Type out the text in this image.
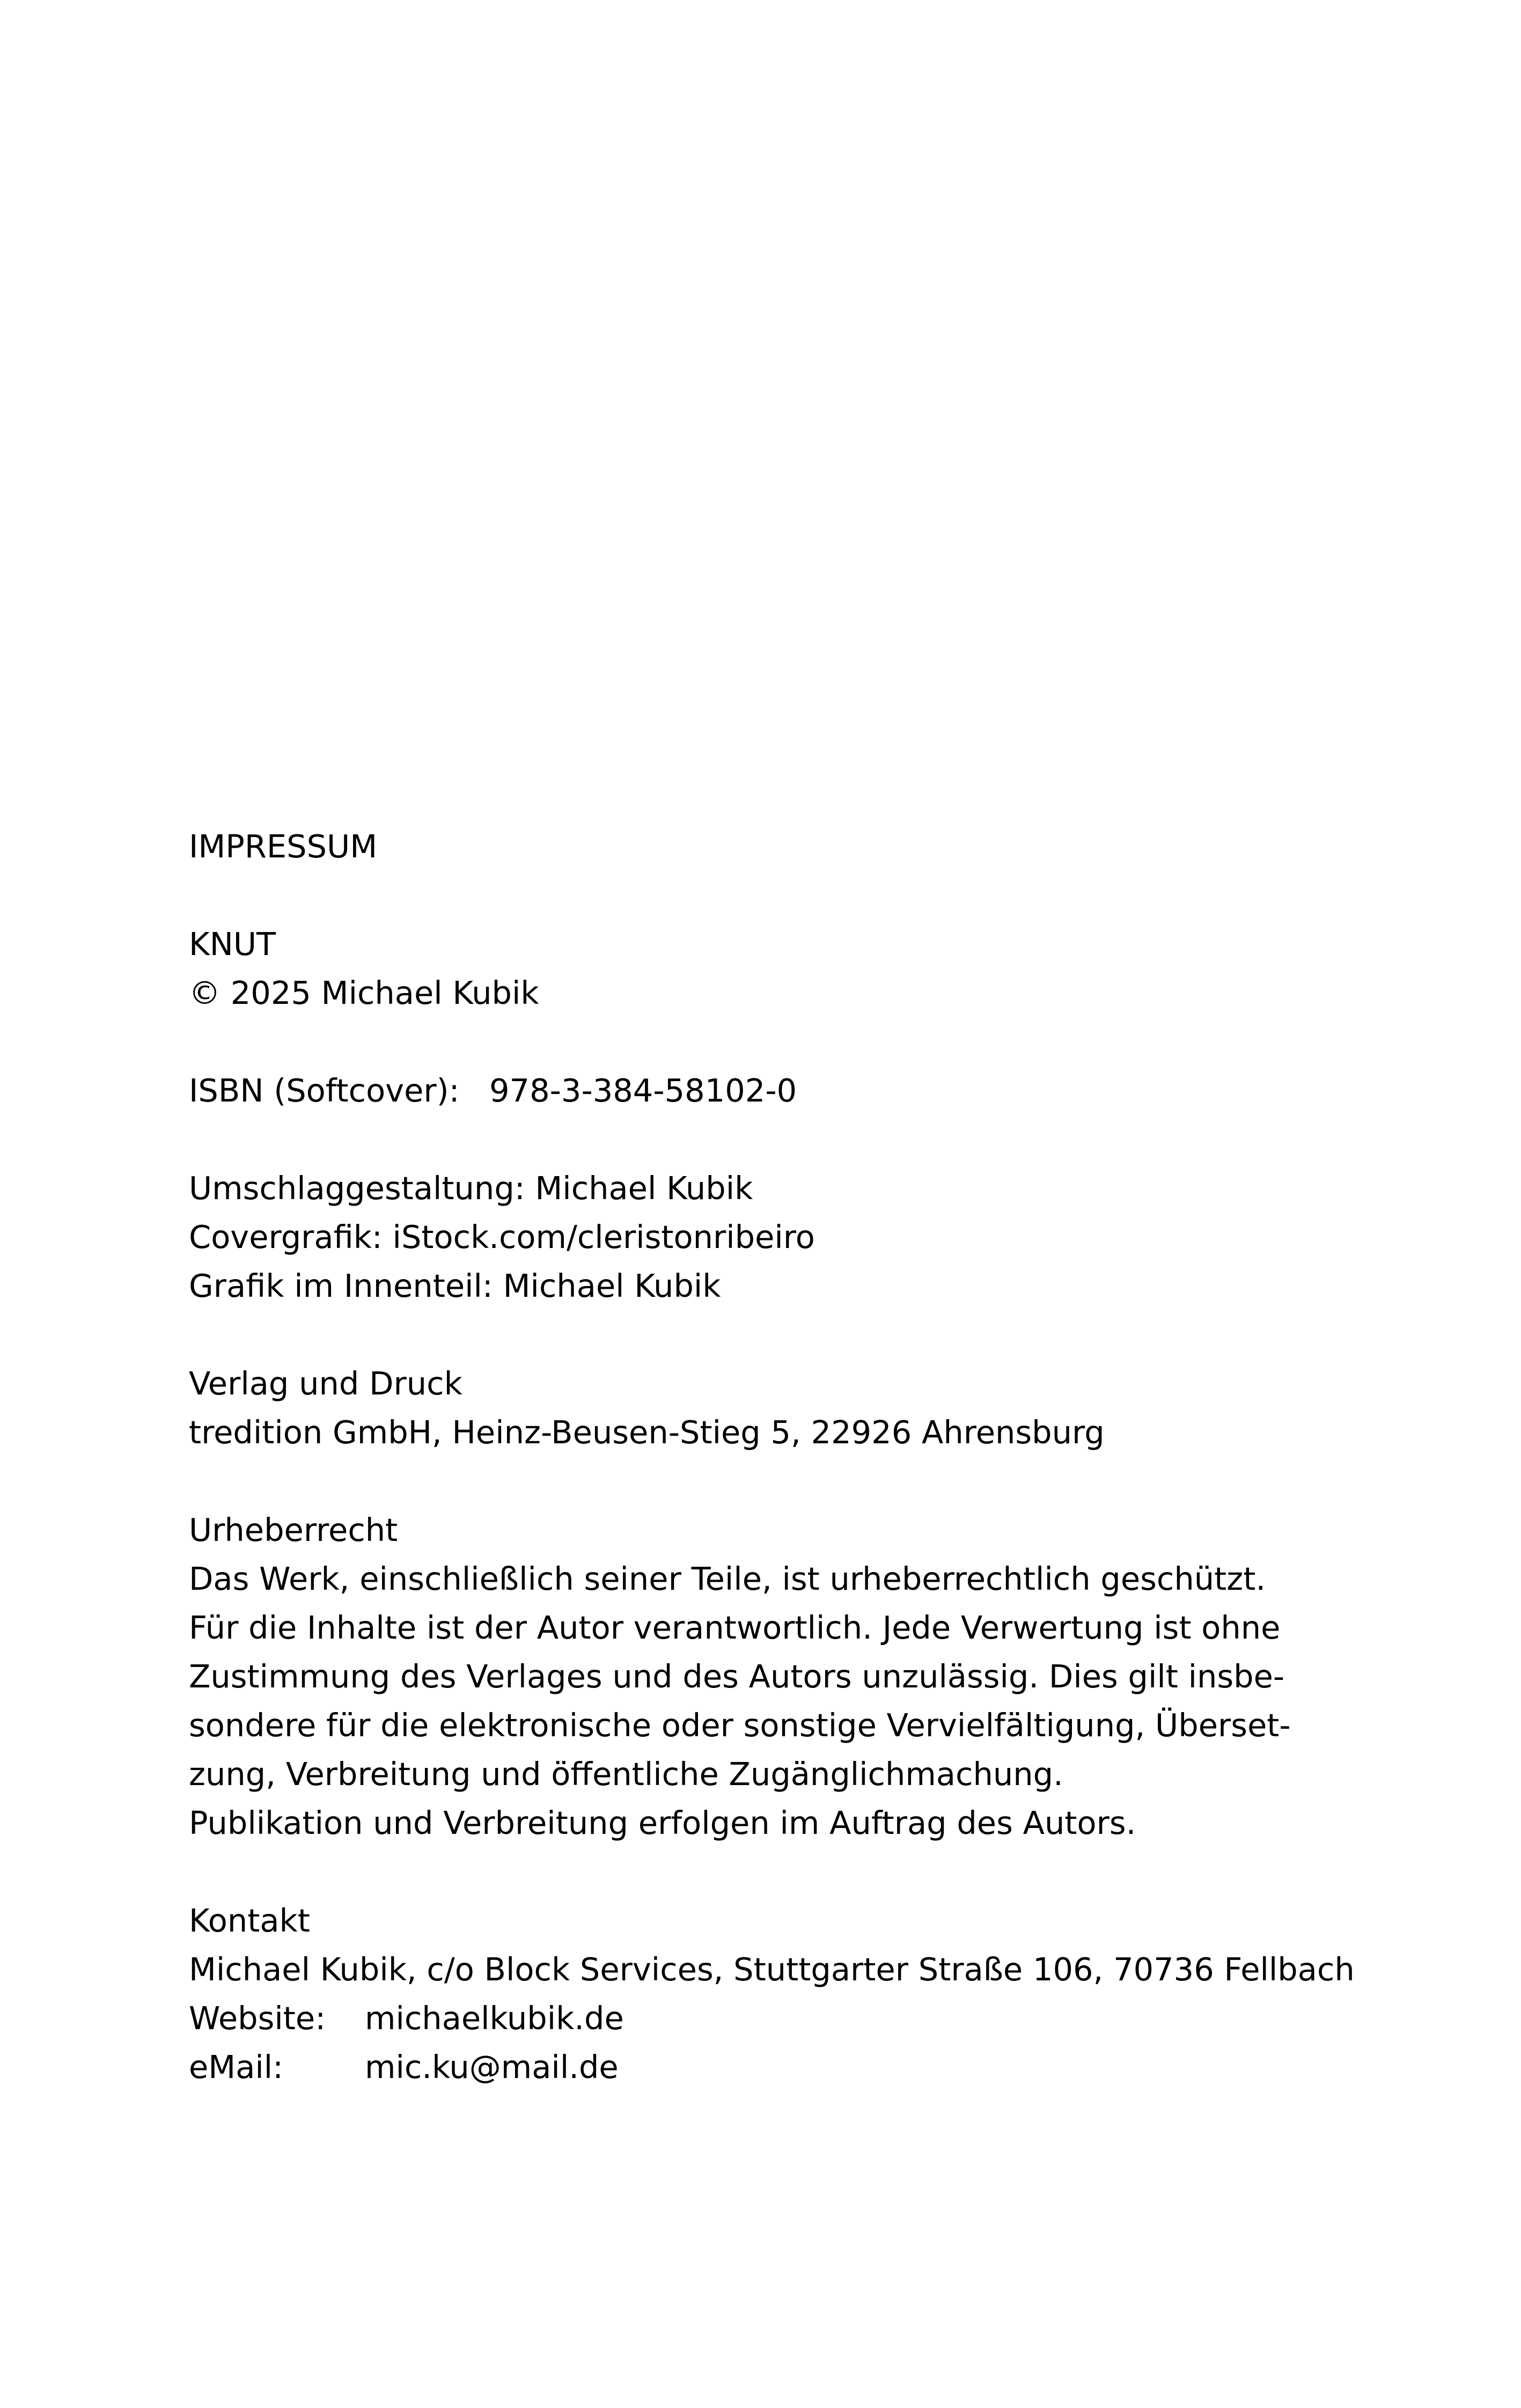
IMPRESSUM
KNUT
© 2025 Michael Kubik
ISBN (Softcover): 978-3-384-58102-0
Umschlaggestaltung: Michael Kubik
Covergrafik: iStock.com/cleristonribeiro
Grafik im Innenteil: Michael Kubik
Verlag und Druck
tredition GmbH, Heinz-Beusen-Stieg 5, 22926 Ahrensburg
Urheberrecht
Das Werk, einschließlich seiner Teile, ist urheberrechtlich geschützt.
Für die Inhalte ist der Autor verantwortlich. Jede Verwertung ist ohne
Zustimmung des Verlages und des Autors unzulässig. Dies gilt insbe-
sondere für die elektronische oder sonstige Vervielfältigung, Überset-
zung, Verbreitung und öffentliche Zugänglichmachung.
Publikation und Verbreitung erfolgen im Auftrag des Autors.
Kontakt
Michael Kubik, c/o Block Services, Stuttgarter Straße 106, 70736 Fellbach
Website:	michaelkubik.de
eMail:	mic.ku@mail.de
